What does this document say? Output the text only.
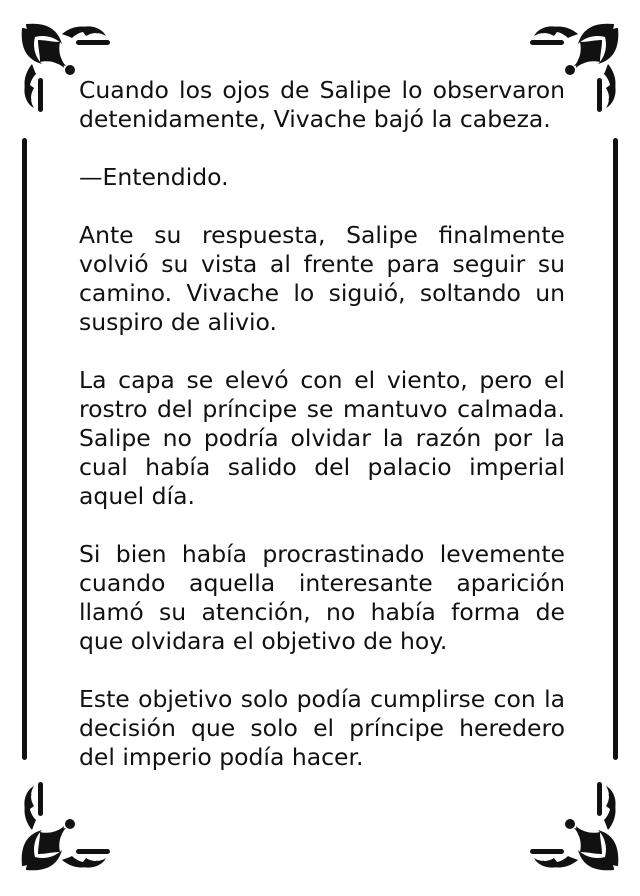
Cuando los ojos de Salipe lo observaron detenidamente, Vivache bajó la cabeza.

—Entendido.

Ante su respuesta, Salipe finalmente volvió su vista al frente para seguir su camino. Vivache lo siguió, soltando un suspiro de alivio.

La capa se elevó con el viento, pero el rostro del príncipe se mantuvo calmada. Salipe no podría olvidar la razón por la cual había salido del palacio imperial aquel día.

Si bien había procrastinado levemente cuando aquella interesante aparición llamó su atención, no había forma de que olvidara el objetivo de hoy.

Este objetivo solo podía cumplirse con la decisión que solo el príncipe heredero del imperio podía hacer.
